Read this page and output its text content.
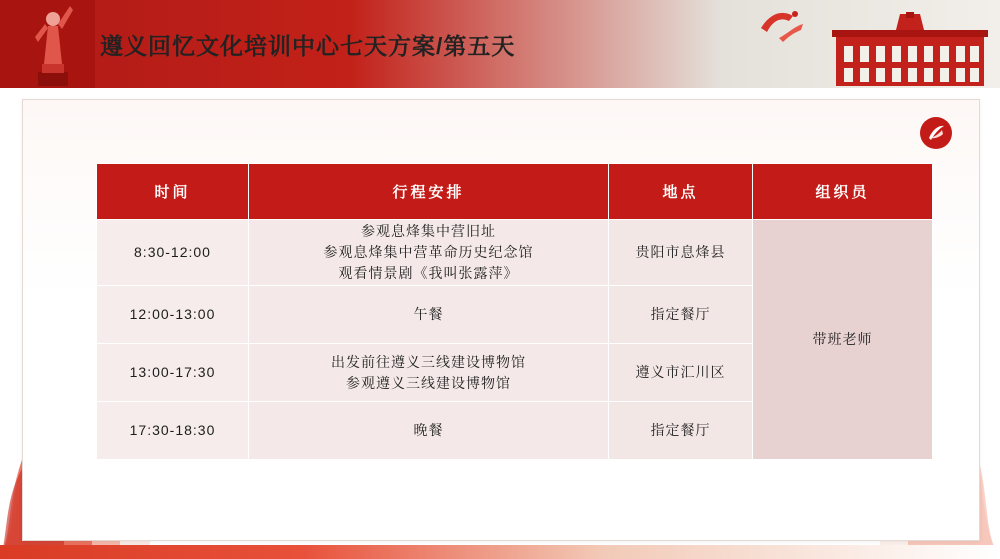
遵义回忆文化培训中心七天方案/第五天
时间	行程安排	地点	组织员
8:30-12:00	参观息烽集中营旧址
参观息烽集中营革命历史纪念馆
观看情景剧《我叫张露萍》	贵阳市息烽县	带班老师
12:00-13:00	午餐	指定餐厅	
13:00-17:30	出发前往遵义三线建设博物馆
参观遵义三线建设博物馆	遵义市汇川区	
17:30-18:30	晚餐	指定餐厅	
